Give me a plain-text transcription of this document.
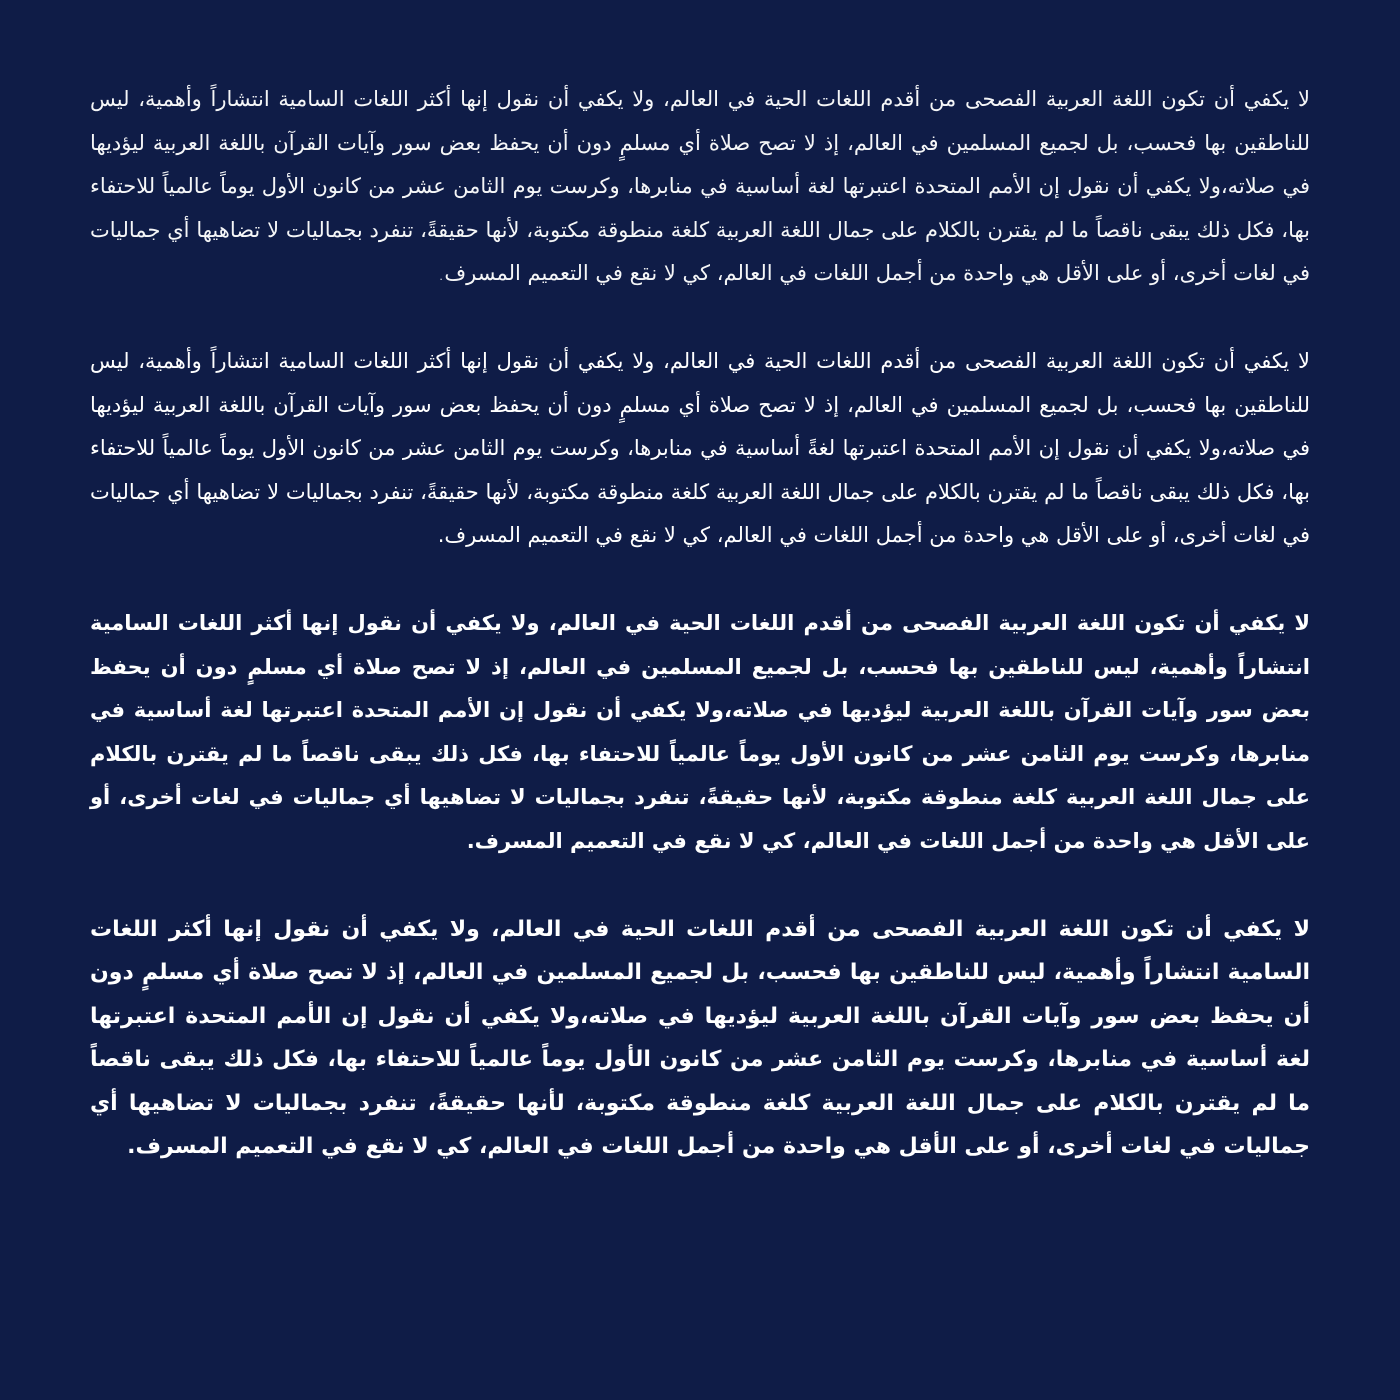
لا يكفي أن تكون اللغة العربية الفصحى من أقدم اللغات الحية في العالم، ولا يكفي أن نقول إنها أكثر اللغات السامية انتشاراً وأهمية، ليس للناطقين بها فحسب، بل لجميع المسلمين في العالم، إذ لا تصح صلاة أي مسلمٍ دون أن يحفظ بعض سور وآيات القرآن باللغة العربية ليؤديها في صلاته،ولا يكفي أن نقول إن الأمم المتحدة اعتبرتها لغة أساسية في منابرها، وكرست يوم الثامن عشر من كانون الأول يوماً عالمياً للاحتفاء بها، فكل ذلك يبقى ناقصاً ما لم يقترن بالكلام على جمال اللغة العربية كلغة منطوقة مكتوبة، لأنها حقيقةً، تنفرد بجماليات لا تضاهيها أي جماليات في لغات أخرى، أو على الأقل هي واحدة من أجمل اللغات في العالم، كي لا نقع في التعميم المسرف.

لا يكفي أن تكون اللغة العربية الفصحى من أقدم اللغات الحية في العالم، ولا يكفي أن نقول إنها أكثر اللغات السامية انتشاراً وأهمية، ليس للناطقين بها فحسب، بل لجميع المسلمين في العالم، إذ لا تصح صلاة أي مسلمٍ دون أن يحفظ بعض سور وآيات القرآن باللغة العربية ليؤديها في صلاته،ولا يكفي أن نقول إن الأمم المتحدة اعتبرتها لغةً أساسية في منابرها، وكرست يوم الثامن عشر من كانون الأول يوماً عالمياً للاحتفاء بها، فكل ذلك يبقى ناقصاً ما لم يقترن بالكلام على جمال اللغة العربية كلغة منطوقة مكتوبة، لأنها حقيقةً، تنفرد بجماليات لا تضاهيها أي جماليات في لغات أخرى، أو على الأقل هي واحدة من أجمل اللغات في العالم، كي لا نقع في التعميم المسرف.

لا يكفي أن تكون اللغة العربية الفصحى من أقدم اللغات الحية في العالم، ولا يكفي أن نقول إنها أكثر اللغات السامية انتشاراً وأهمية، ليس للناطقين بها فحسب، بل لجميع المسلمين في العالم، إذ لا تصح صلاة أي مسلمٍ دون أن يحفظ بعض سور وآيات القرآن باللغة العربية ليؤديها في صلاته،ولا يكفي أن نقول إن الأمم المتحدة اعتبرتها لغة أساسية في منابرها، وكرست يوم الثامن عشر من كانون الأول يوماً عالمياً للاحتفاء بها، فكل ذلك يبقى ناقصاً ما لم يقترن بالكلام على جمال اللغة العربية كلغة منطوقة مكتوبة، لأنها حقيقةً، تنفرد بجماليات لا تضاهيها أي جماليات في لغات أخرى، أو على الأقل هي واحدة من أجمل اللغات في العالم، كي لا نقع في التعميم المسرف.

لا يكفي أن تكون اللغة العربية الفصحى من أقدم اللغات الحية في العالم، ولا يكفي أن نقول إنها أكثر اللغات السامية انتشاراً وأهمية، ليس للناطقين بها فحسب، بل لجميع المسلمين في العالم، إذ لا تصح صلاة أي مسلمٍ دون أن يحفظ بعض سور وآيات القرآن باللغة العربية ليؤديها في صلاته،ولا يكفي أن نقول إن الأمم المتحدة اعتبرتها لغة أساسية في منابرها، وكرست يوم الثامن عشر من كانون الأول يوماً عالمياً للاحتفاء بها، فكل ذلك يبقى ناقصاً ما لم يقترن بالكلام على جمال اللغة العربية كلغة منطوقة مكتوبة، لأنها حقيقةً، تنفرد بجماليات لا تضاهيها أي جماليات في لغات أخرى، أو على الأقل هي واحدة من أجمل اللغات في العالم، كي لا نقع في التعميم المسرف.
